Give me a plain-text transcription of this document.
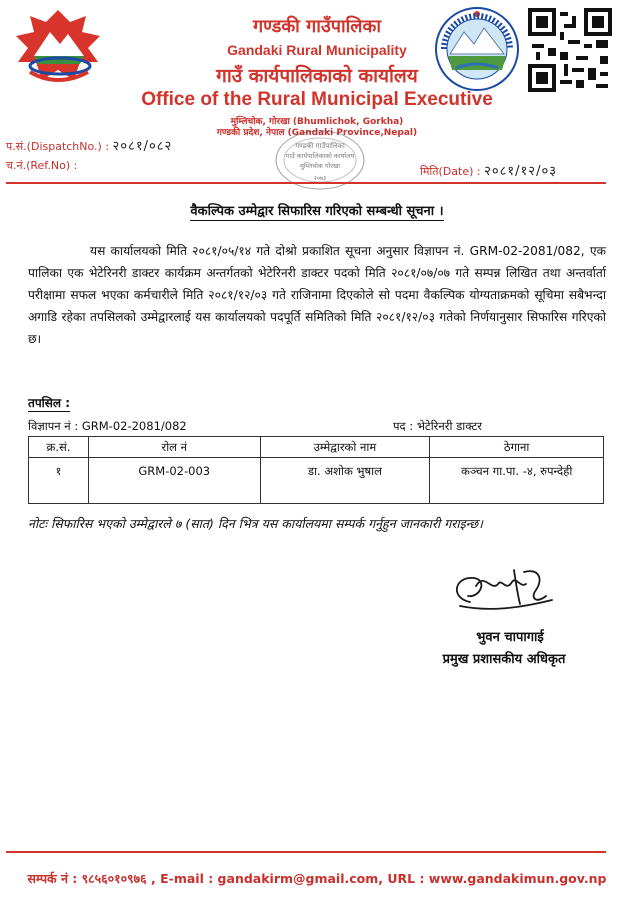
गण्डकी गाउँपालिका
Gandaki Rural Municipality
गाउँ कार्यपालिकाको कार्यालय
Office of the Rural Municipal Executive
मुम्लिचोक, गोरखा (Bhumlichok, Gorkha)
गण्डकी प्रदेश, नेपाल (Gandaki Province,Nepal)
गण्डकी गाउँपालिका
गाउँ कार्यपालिकाको कार्यालय
मुम्लिचोक गोरखा
२०७३
प.सं.(DispatchNo.) : २०८१/०८२
च.नं.(Ref.No) :	मिति(Date) : २०८१/१२/०३
वैकल्पिक उम्मेद्वार सिफारिस गरिएको सम्बन्धी सूचना ।
यस कार्यालयको मिति २०८१/०५/१४ गते दोश्रो प्रकाशित सूचना अनुसार विज्ञापन नं. GRM-02-2081/082, एक पालिका एक भेटेरिनरी डाक्टर कार्यक्रम अन्तर्गतको भेटेरिनरी डाक्टर पदको मिति २०८१/०७/०७ गते सम्पन्न लिखित तथा अन्तर्वार्ता परीक्षामा सफल भएका कर्मचारीले मिति २०८१/१२/०३ गते राजिनामा दिएकोले सो पदमा वैकल्पिक योग्यताक्रमको सूचिमा सबैभन्दा अगाडि रहेका तपसिलको उम्मेद्वारलाई यस कार्यालयको पदपूर्ति समितिको मिति २०८१/१२/०३ गतेको निर्णयानुसार सिफारिस गरिएको छ।
तपसिल :
विज्ञापन नं : GRM-02-2081/082	पद : भेटेरिनरी डाक्टर
क्र.सं.	रोल नं	उम्मेद्वारको नाम	ठेगाना
१	GRM-02-003	डा. अशोक भुषाल	कञ्चन गा.पा. -४, रुपन्देही
नोटः सिफारिस भएको उम्मेद्वारले ७ (सात) दिन भित्र यस कार्यालयमा सम्पर्क गर्नुहुन जानकारी गराइन्छ।
भुवन चापागाई
प्रमुख प्रशासकीय अधिकृत
सम्पर्क नं : ९८५६०१०९७६ , E-mail : gandakirm@gmail.com, URL : www.gandakimun.gov.np
